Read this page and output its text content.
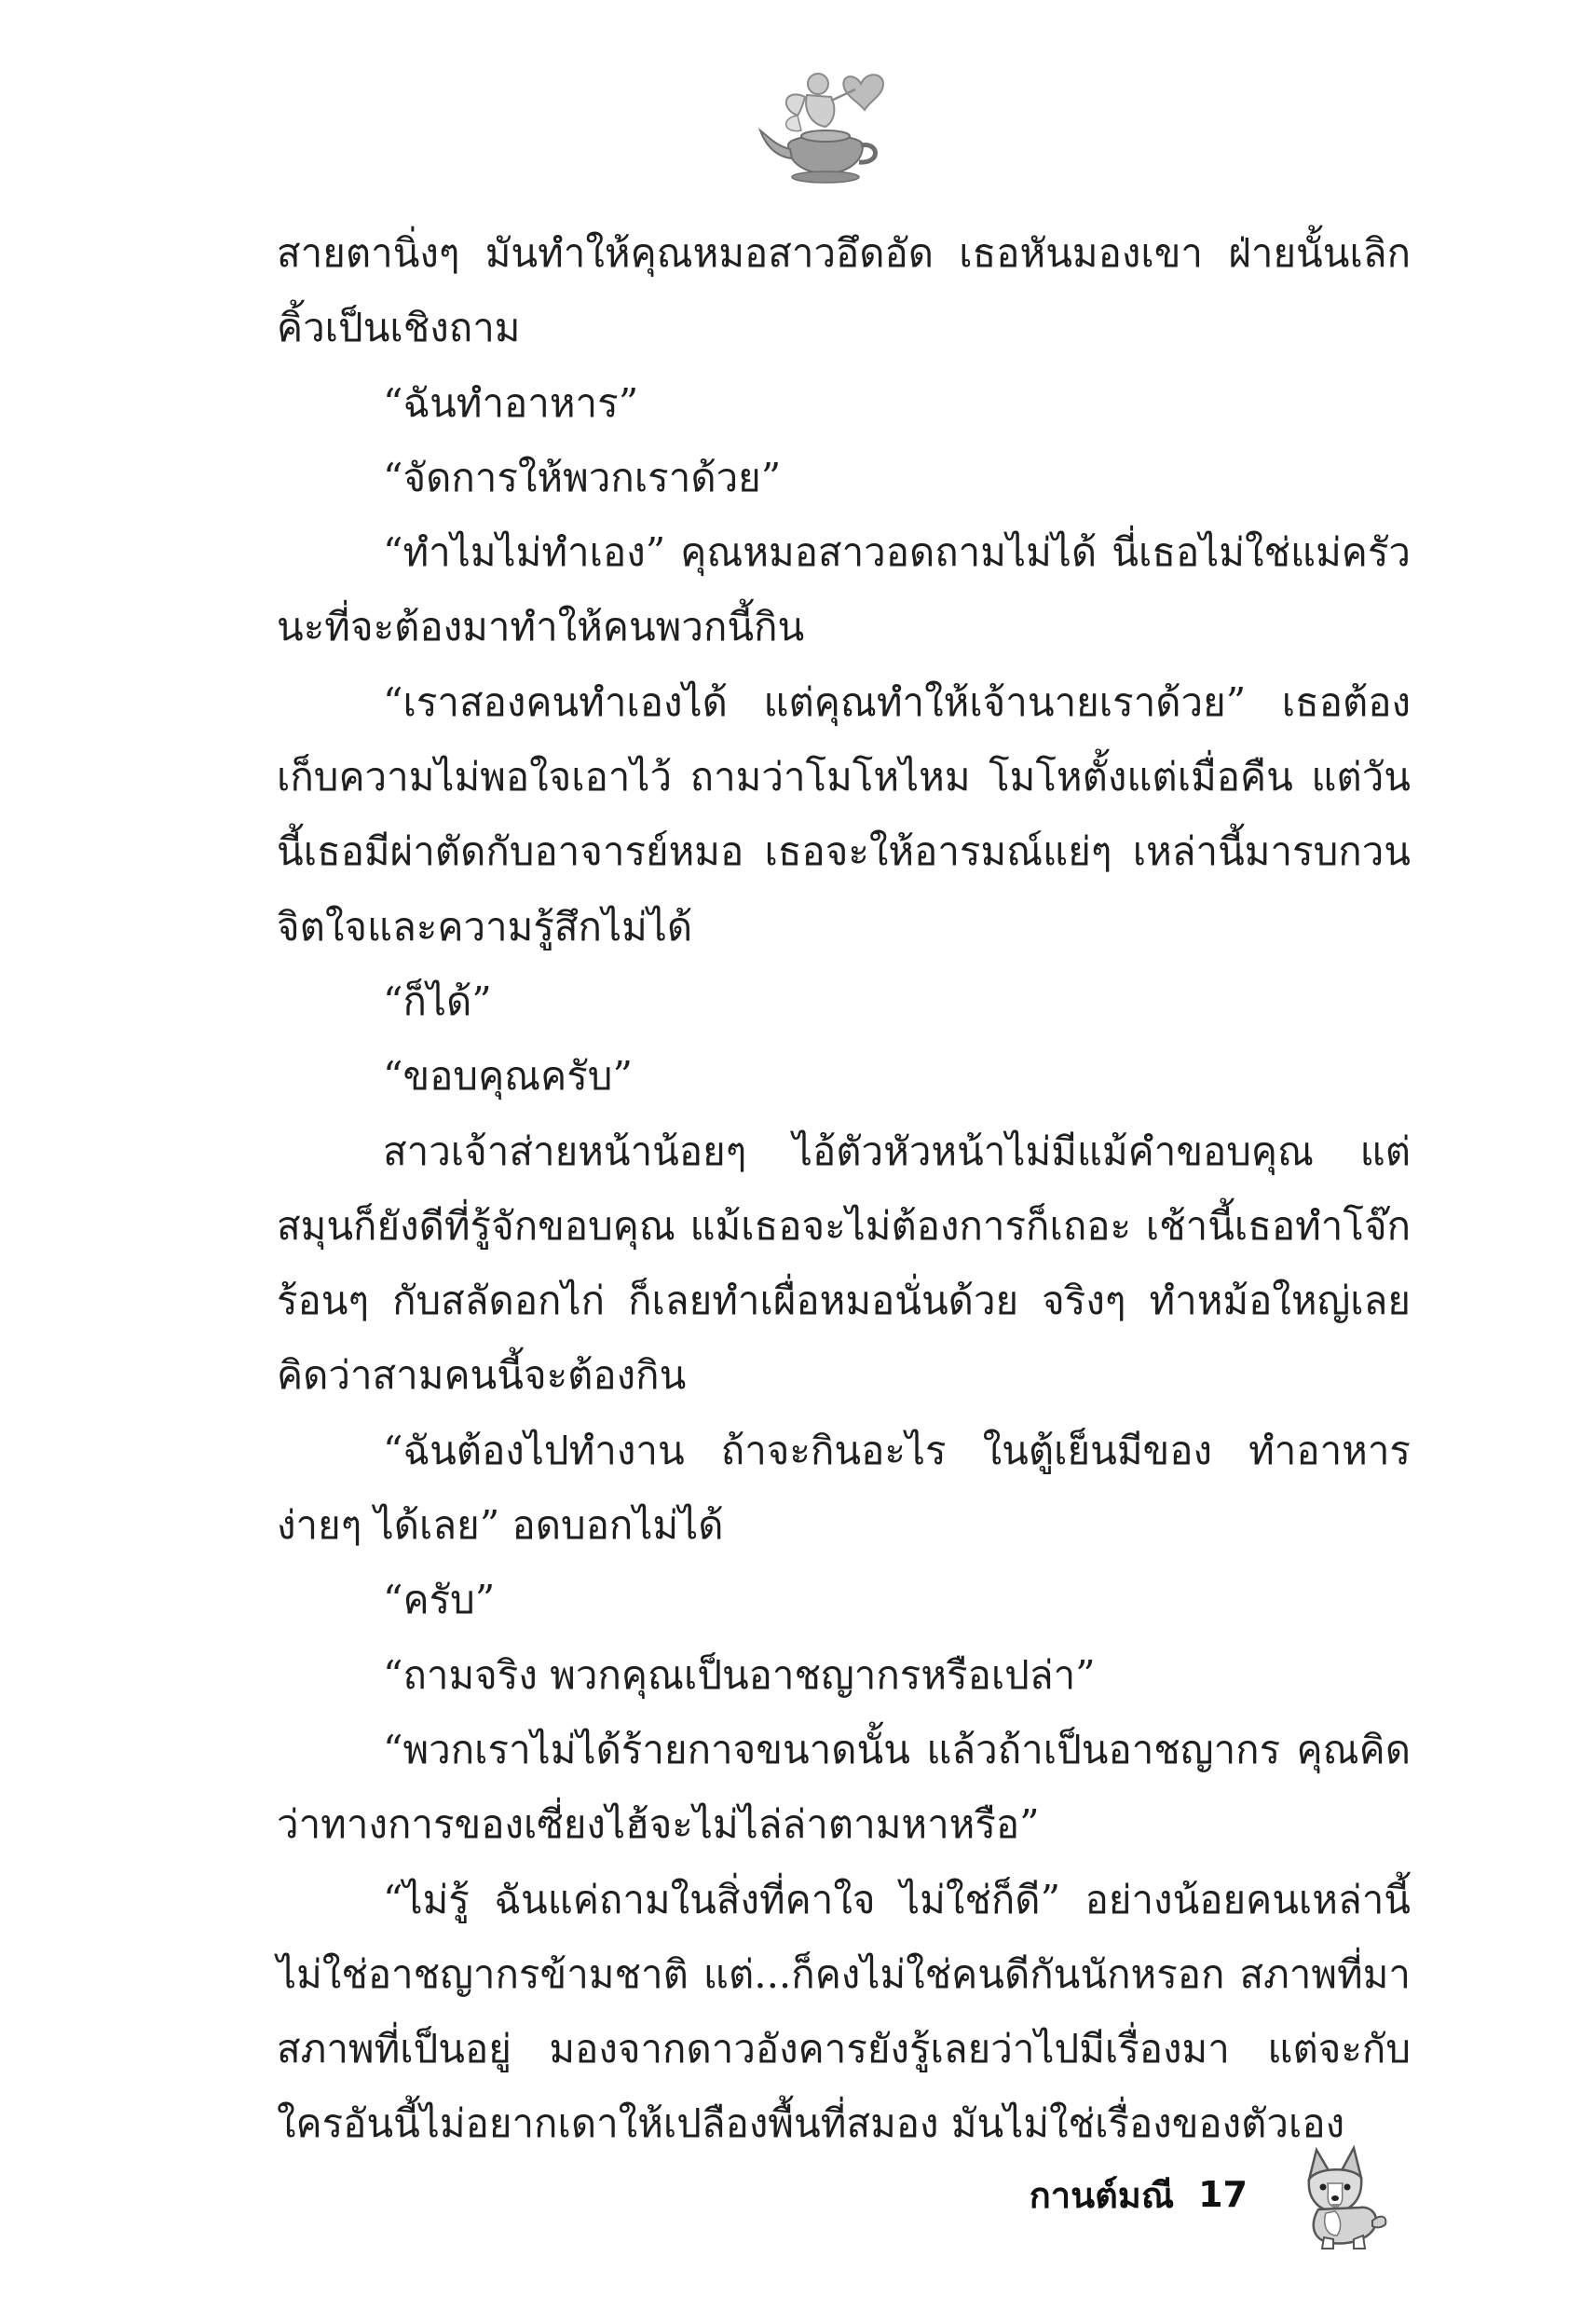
สายตานิ่งๆ มันทำให้คุณหมอสาวอึดอัด เธอหันมองเขา ฝ่ายนั้นเลิกคิ้วเป็นเชิงถาม

“ฉันทำอาหาร”

“จัดการให้พวกเราด้วย”

“ทำไมไม่ทำเอง” คุณหมอสาวอดถามไม่ได้ นี่เธอไม่ใช่แม่ครัวนะที่จะต้องมาทำให้คนพวกนี้กิน

“เราสองคนทำเองได้ แต่คุณทำให้เจ้านายเราด้วย” เธอต้องเก็บความไม่พอใจเอาไว้ ถามว่าโมโหไหม โมโหตั้งแต่เมื่อคืน แต่วันนี้เธอมีผ่าตัดกับอาจารย์หมอ เธอจะให้อารมณ์แย่ๆ เหล่านี้มารบกวนจิตใจและความรู้สึกไม่ได้

“ก็ได้”

“ขอบคุณครับ”

สาวเจ้าส่ายหน้าน้อยๆ ไอ้ตัวหัวหน้าไม่มีแม้คำขอบคุณ แต่สมุนก็ยังดีที่รู้จักขอบคุณ แม้เธอจะไม่ต้องการก็เถอะ เช้านี้เธอทำโจ๊กร้อนๆ กับสลัดอกไก่ ก็เลยทำเผื่อหมอนั่นด้วย จริงๆ ทำหม้อใหญ่เลย คิดว่าสามคนนี้จะต้องกิน

“ฉันต้องไปทำงาน ถ้าจะกินอะไร ในตู้เย็นมีของ ทำอาหารง่ายๆ ได้เลย” อดบอกไม่ได้

“ครับ”

“ถามจริง พวกคุณเป็นอาชญากรหรือเปล่า”

“พวกเราไม่ได้ร้ายกาจขนาดนั้น แล้วถ้าเป็นอาชญากร คุณคิดว่าทางการของเซี่ยงไฮ้จะไม่ไล่ล่าตามหาหรือ”

“ไม่รู้ ฉันแค่ถามในสิ่งที่คาใจ ไม่ใช่ก็ดี” อย่างน้อยคนเหล่านี้ไม่ใช่อาชญากรข้ามชาติ แต่...ก็คงไม่ใช่คนดีกันนักหรอก สภาพที่มาสภาพที่เป็นอยู่ มองจากดาวอังคารยังรู้เลยว่าไปมีเรื่องมา แต่จะกับใครอันนี้ไม่อยากเดาให้เปลืองพื้นที่สมอง มันไม่ใช่เรื่องของตัวเอง

กานต์มณี 17
